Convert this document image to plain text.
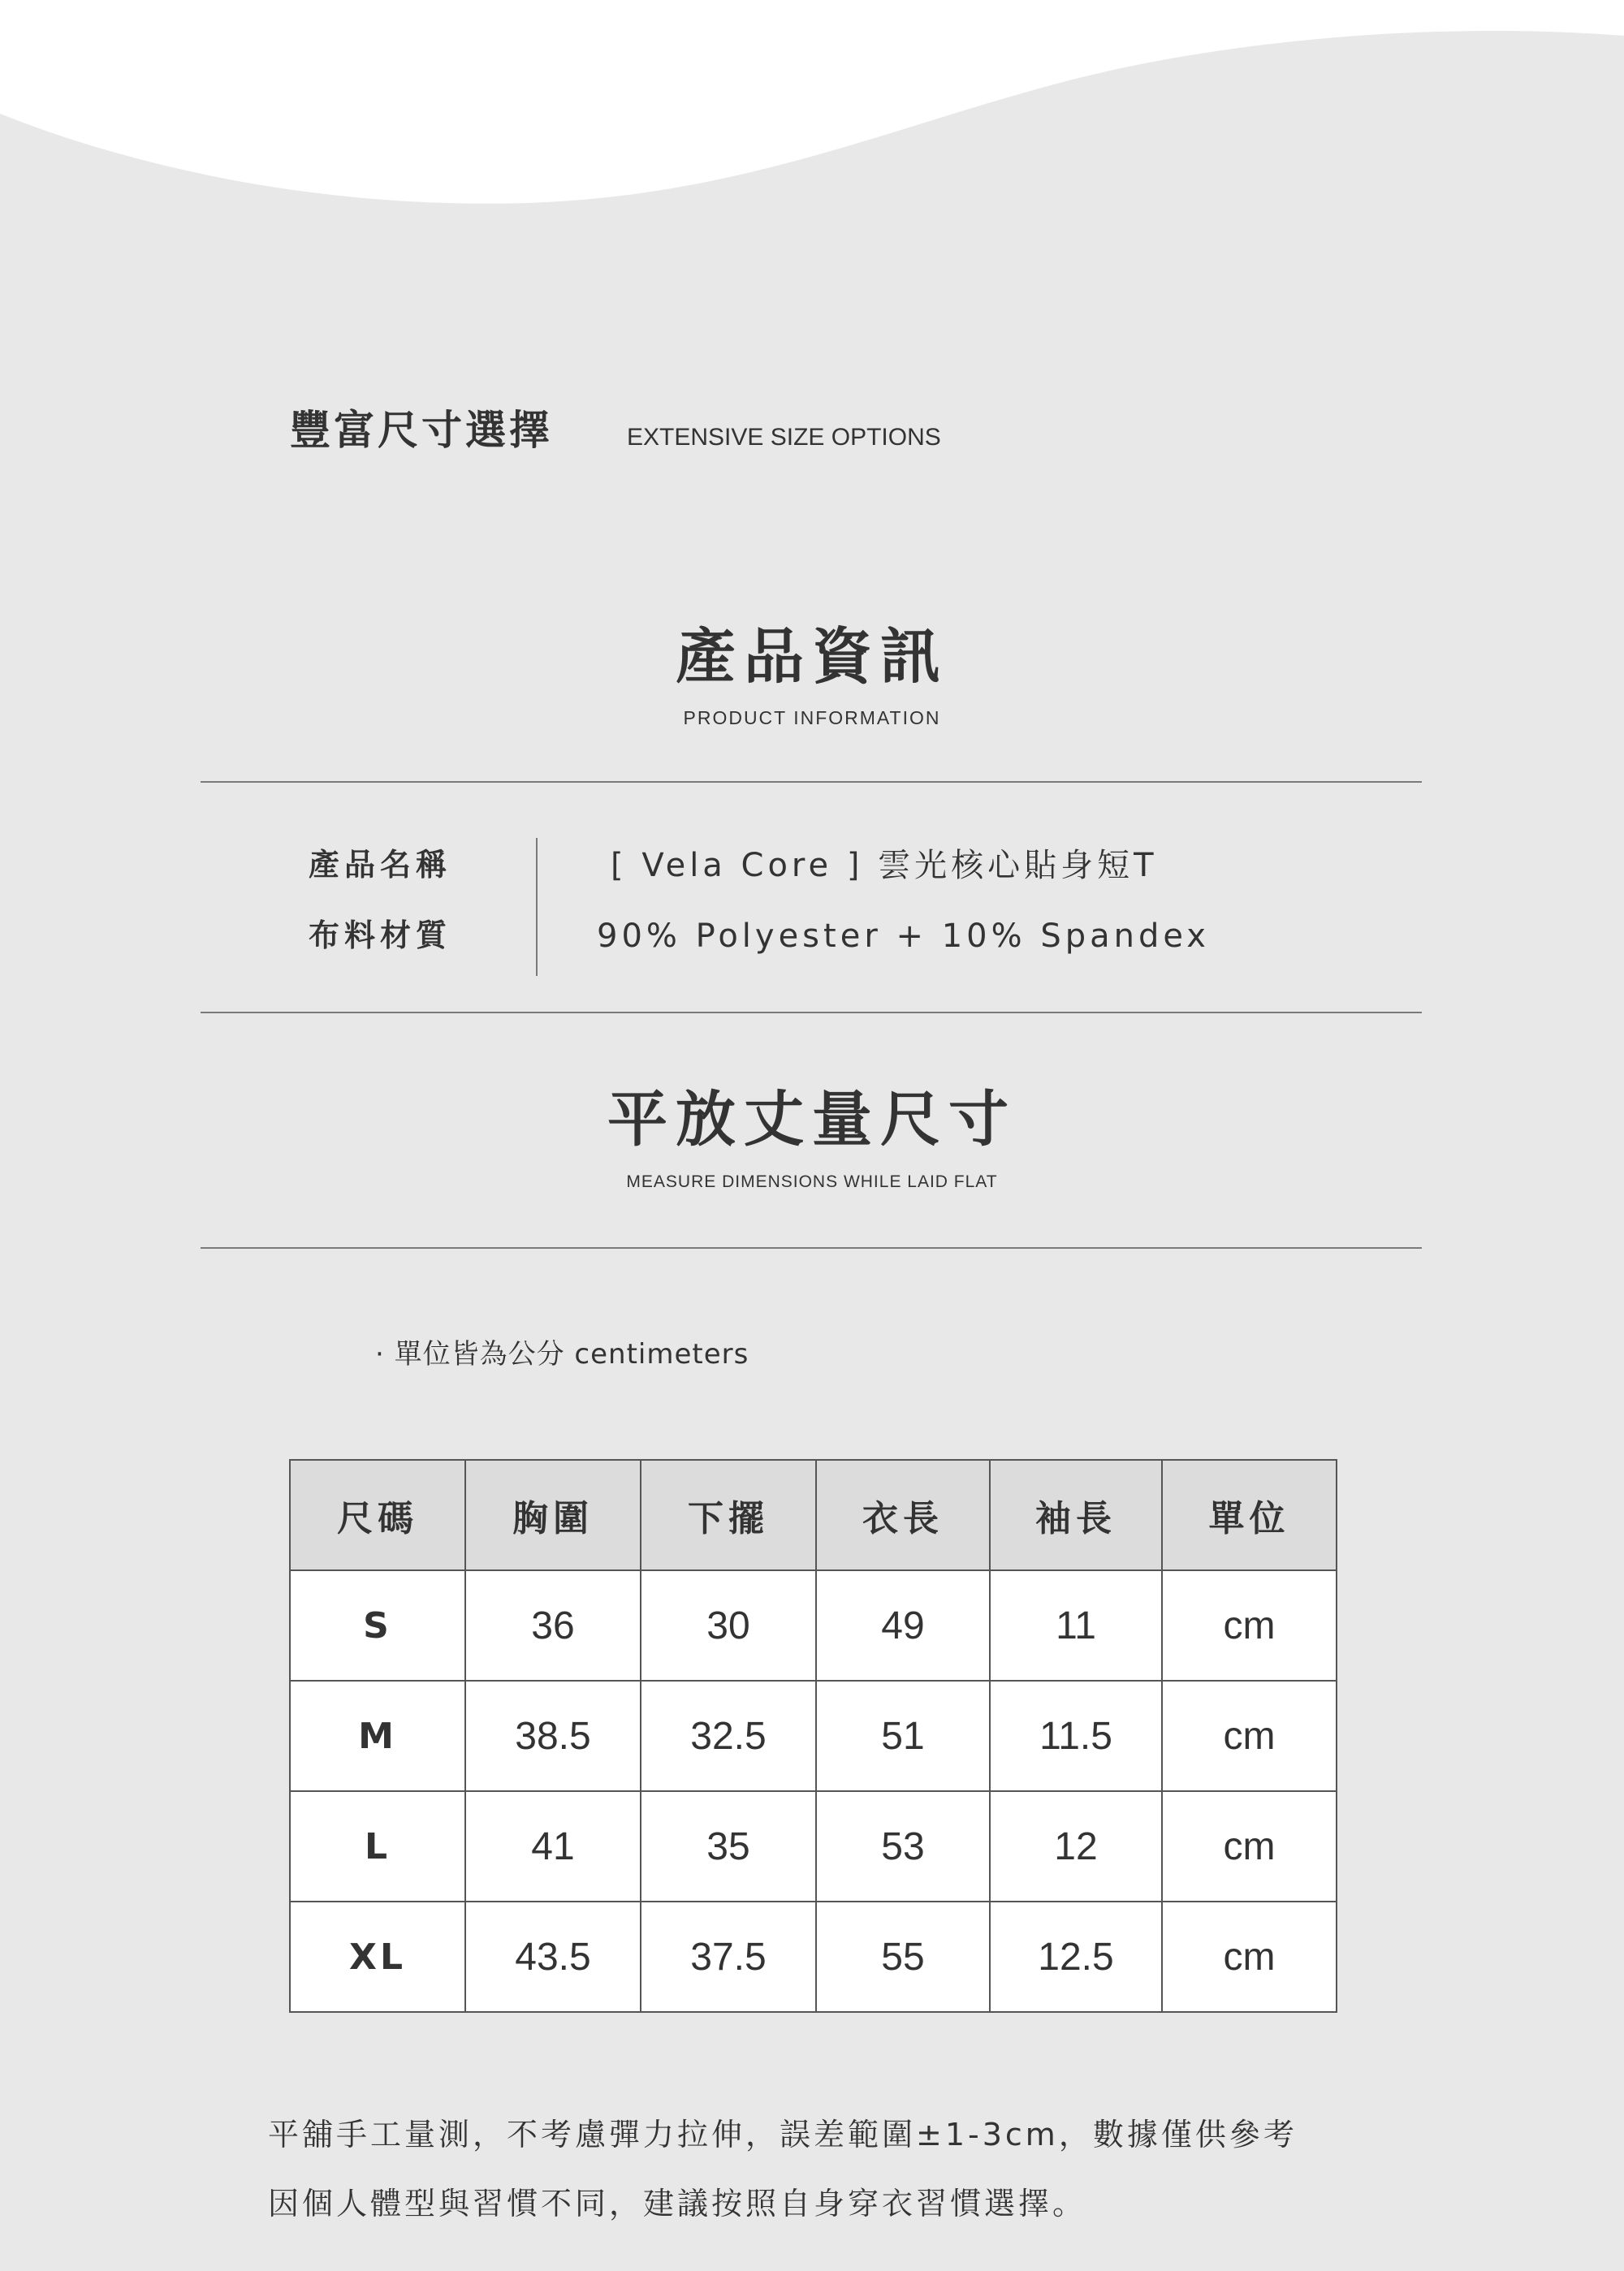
豐富尺寸選擇	EXTENSIVE SIZE OPTIONS
產品資訊
PRODUCT INFORMATION
產品名稱	[ Vela Core ] 雲光核心貼身短T
布料材質	90% Polyester + 10% Spandex
平放丈量尺寸
MEASURE DIMENSIONS WHILE LAID FLAT
· 單位皆為公分 centimeters
尺碼	胸圍	下擺	衣長	袖長	單位
S	36	30	49	11	cm
M	38.5	32.5	51	11.5	cm
L	41	35	53	12	cm
XL	43.5	37.5	55	12.5	cm
平舖手工量測，不考慮彈力拉伸，誤差範圍±1-3cm，數據僅供參考
因個人體型與習慣不同，建議按照自身穿衣習慣選擇。
